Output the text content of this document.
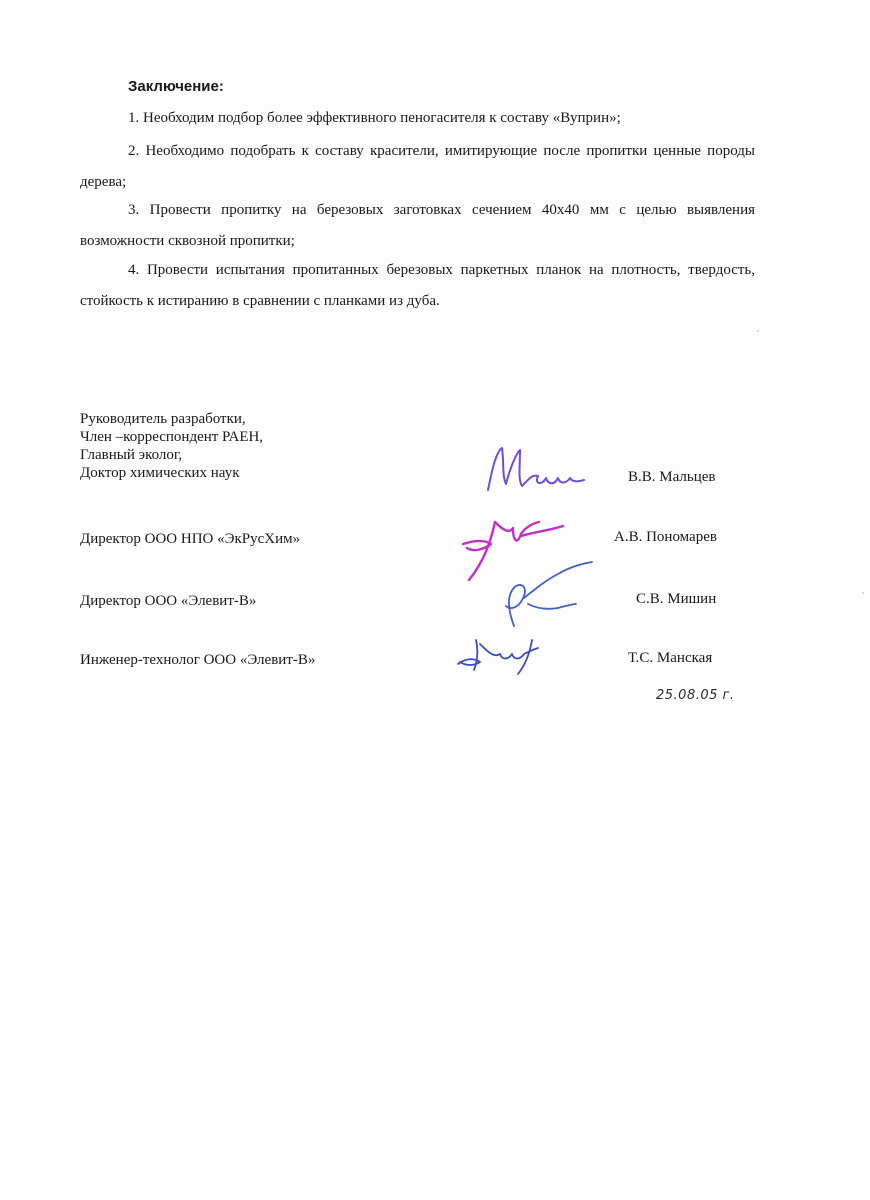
Заключение:
1. Необходим подбор более эффективного пеногасителя к составу «Вуприн»;
2. Необходимо подобрать к составу красители, имитирующие после пропитки ценные породы дерева;
3. Провести пропитку на березовых заготовках сечением 40х40 мм с целью выявления возможности сквозной пропитки;
4. Провести испытания пропитанных березовых паркетных планок на плотность, твердость, стойкость к истиранию в сравнении с планками из дуба.
Руководитель разработки,
Член –корреспондент РАЕН,
Главный эколог,
Доктор химических наук	В.В. Мальцев
Директор ООО НПО «ЭкРусХим»	А.В. Пономарев
Директор ООО «Элевит-В»	С.В. Мишин
Инженер-технолог ООО «Элевит-В»	Т.С. Манская
25.08.05 г.
